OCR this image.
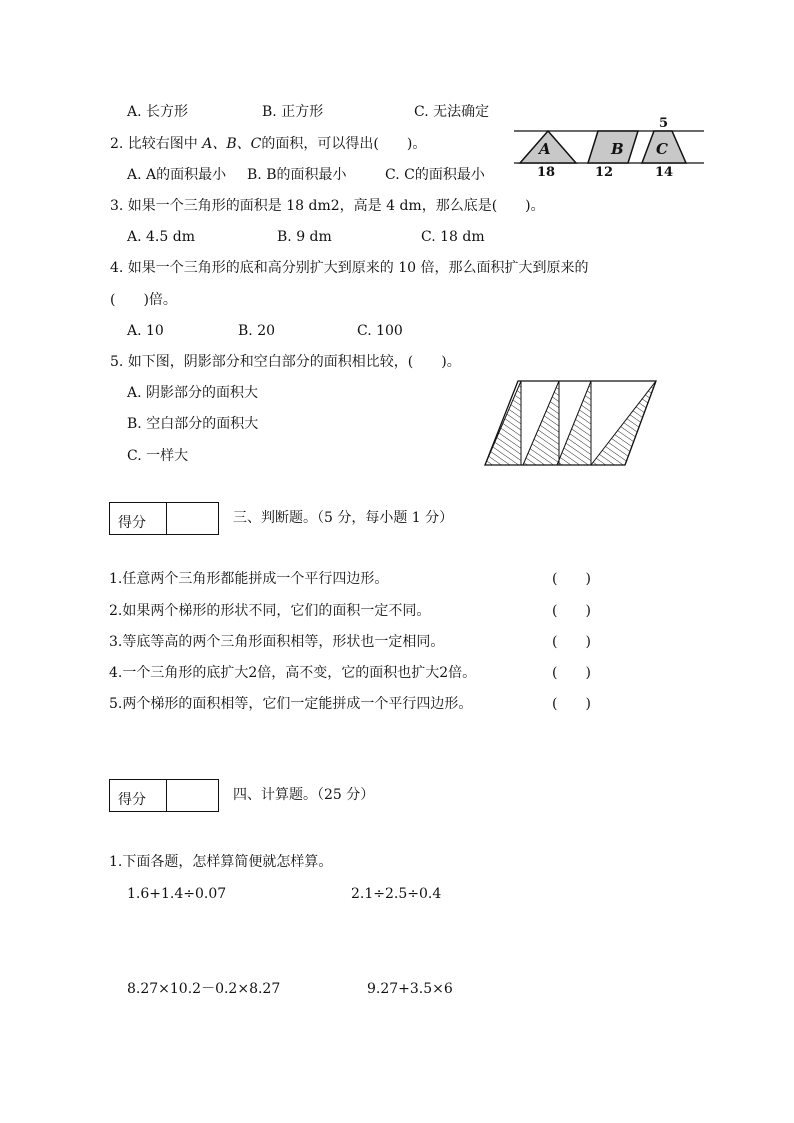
A. 长方形	B. 正方形	C. 无法确定
2. 比较右图中 A、B、C的面积，可以得出(　　)。
A. A的面积最小 B. B的面积最小	C. C的面积最小
A	B C
5
18	12	14
3. 如果一个三角形的面积是 18 dm2，高是 4 dm，那么底是(　　)。
A. 4.5 dm	B. 9 dm	C. 18 dm
4. 如果一个三角形的底和高分别扩大到原来的 10 倍，那么面积扩大到原来的
(　　)倍。
A. 10	B. 20	C. 100
5. 如下图，阴影部分和空白部分的面积相比较，(　　)。
A. 阴影部分的面积大
B. 空白部分的面积大
C. 一样大
得分	三、判断题。（5 分，每小题 1 分）
1.任意两个三角形都能拼成一个平行四边形。	(　　)
2.如果两个梯形的形状不同，它们的面积一定不同。	(　　)
3.等底等高的两个三角形面积相等，形状也一定相同。	(　　)
4.一个三角形的底扩大2倍，高不变，它的面积也扩大2倍。	(　　)
5.两个梯形的面积相等，它们一定能拼成一个平行四边形。	(　　)
得分	四、计算题。（25 分）
1.下面各题，怎样算简便就怎样算。
1.6+1.4÷0.07	2.1÷2.5÷0.4
8.27×10.2－0.2×8.27	9.27+3.5×6
